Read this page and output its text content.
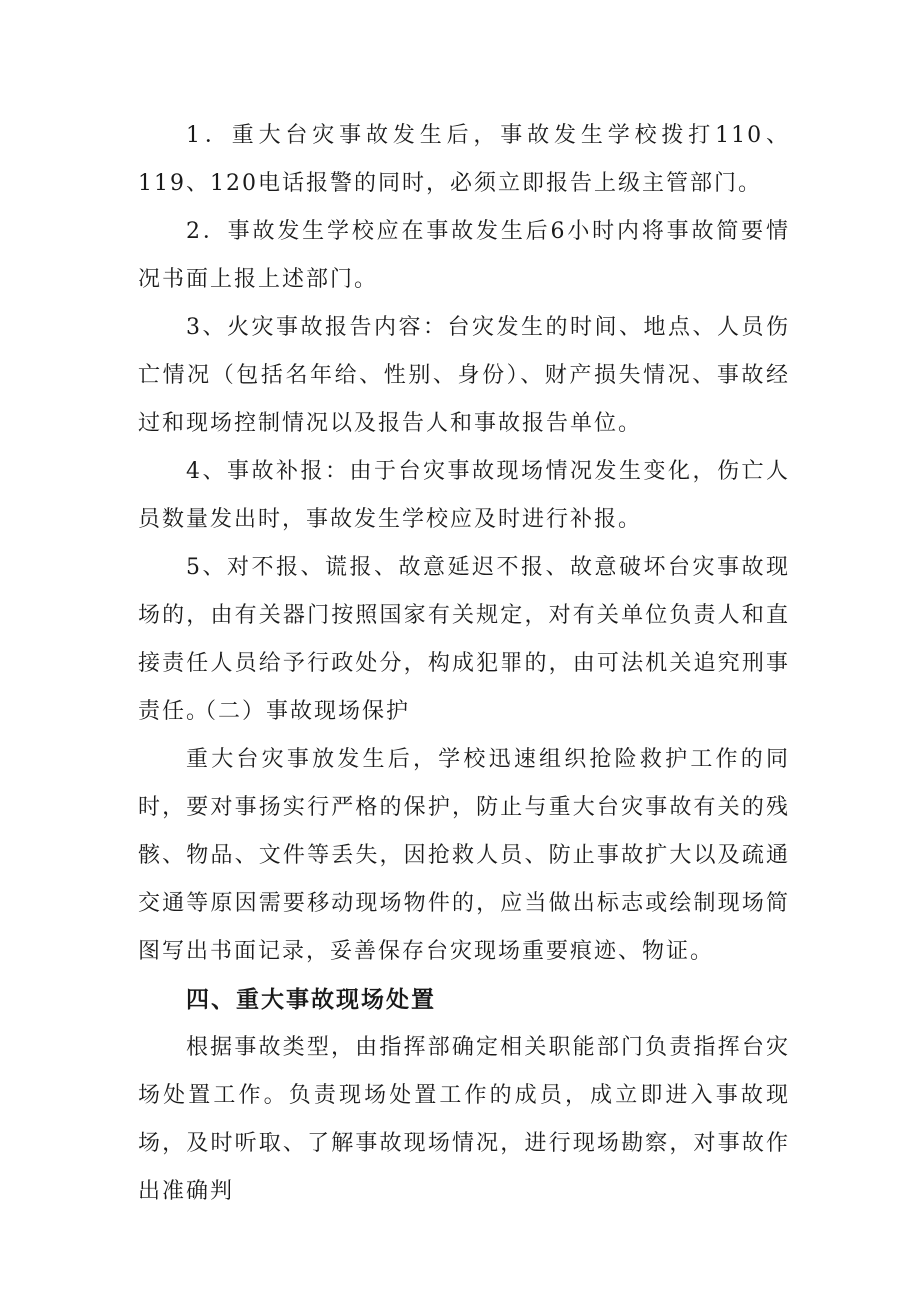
1．重大台灾事故发生后，事故发生学校拨打110、119、120电话报警的同时，必须立即报告上级主管部门。

2．事故发生学校应在事故发生后6小时内将事故简要情况书面上报上述部门。

3、火灾事故报告内容：台灾发生的时间、地点、人员伤亡情况（包括名年给、性别、身份）、财产损失情况、事故经过和现场控制情况以及报告人和事故报告单位。

4、事故补报：由于台灾事故现场情况发生变化，伤亡人员数量发出时，事故发生学校应及时进行补报。

5、对不报、谎报、故意延迟不报、故意破坏台灾事故现场的，由有关器门按照国家有关规定，对有关单位负责人和直接责任人员给予行政处分，构成犯罪的，由可法机关追究刑事责任。

（二）事故现场保护

重大台灾事放发生后，学校迅速组织抢险救护工作的同时，要对事扬实行严格的保护，防止与重大台灾事故有关的残骸、物品、文件等丢失，因抢救人员、防止事故扩大以及疏通交通等原因需要移动现场物件的，应当做出标志或绘制现场简图写出书面记录，妥善保存台灾现场重要痕迹、物证。

四、重大事故现场处置

根据事故类型，由指挥部确定相关职能部门负责指挥台灾场处置工作。负责现场处置工作的成员，成立即进入事故现场，及时听取、了解事故现场情况，进行现场勘察，对事故作出准确判
